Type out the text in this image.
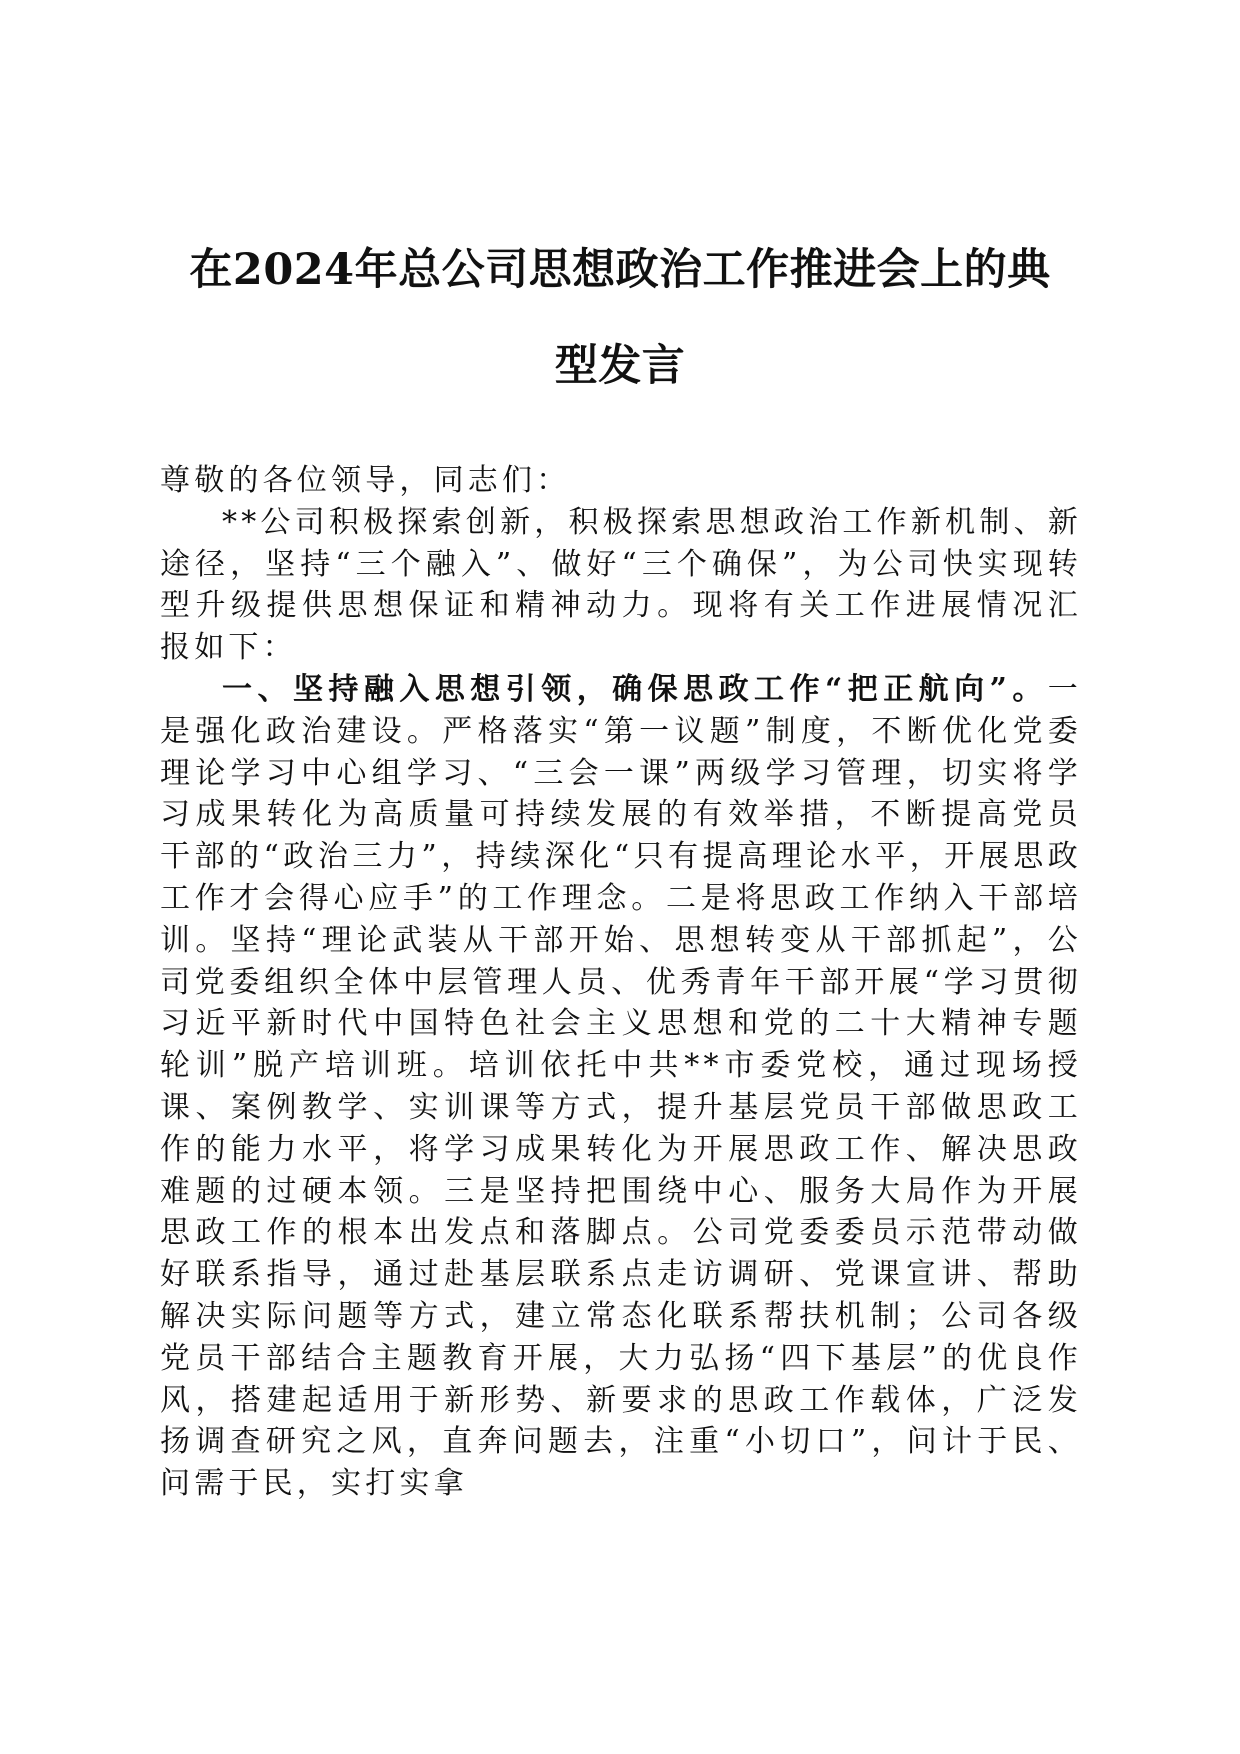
在2024年总公司思想政治工作推进会上的典
型发言

尊敬的各位领导，同志们：

**公司积极探索创新，积极探索思想政治工作新机制、新途径，坚持“三个融入”、做好“三个确保”，为公司快实现转型升级提供思想保证和精神动力。现将有关工作进展情况汇报如下：

一、坚持融入思想引领，确保思政工作“把正航向”。一是强化政治建设。严格落实“第一议题”制度，不断优化党委理论学习中心组学习、“三会一课”两级学习管理，切实将学习成果转化为高质量可持续发展的有效举措，不断提高党员干部的“政治三力”，持续深化“只有提高理论水平，开展思政工作才会得心应手”的工作理念。二是将思政工作纳入干部培训。坚持“理论武装从干部开始、思想转变从干部抓起”，公司党委组织全体中层管理人员、优秀青年干部开展“学习贯彻习近平新时代中国特色社会主义思想和党的二十大精神专题轮训”脱产培训班。培训依托中共**市委党校，通过现场授课、案例教学、实训课等方式，提升基层党员干部做思政工作的能力水平，将学习成果转化为开展思政工作、解决思政难题的过硬本领。三是坚持把围绕中心、服务大局作为开展思政工作的根本出发点和落脚点。公司党委委员示范带动做好联系指导，通过赴基层联系点走访调研、党课宣讲、帮助解决实际问题等方式，建立常态化联系帮扶机制；公司各级党员干部结合主题教育开展，大力弘扬“四下基层”的优良作风，搭建起适用于新形势、新要求的思政工作载体，广泛发扬调查研究之风，直奔问题去，注重“小切口”，问计于民、问需于民，实打实拿
